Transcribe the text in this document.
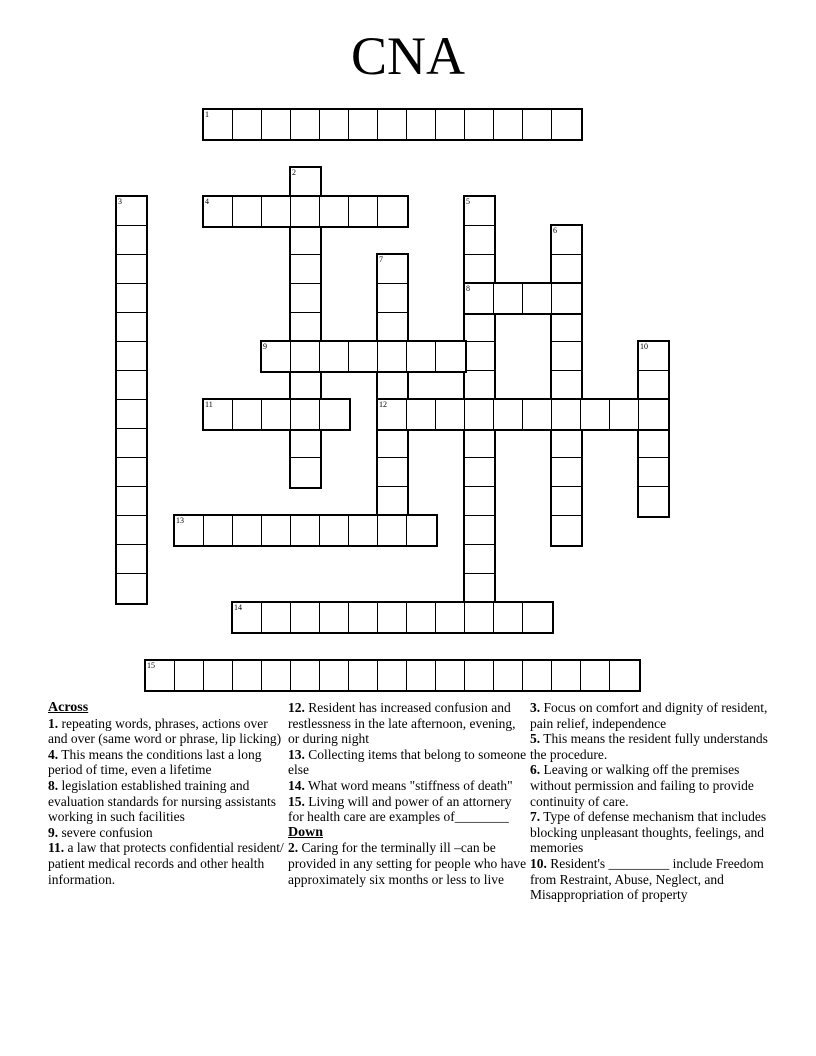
CNA
1
2
3	4	5
6
7
8
9	10
11	12
13
14
15
Across
1. repeating words, phrases, actions over and over (same word or phrase, lip licking)
4. This means the conditions last a long period of time, even a lifetime
8. legislation established training and evaluation standards for nursing assistants working in such facilities
9. severe confusion
11. a law that protects confidential resident/ patient medical records and other health information.
12. Resident has increased confusion and restlessness in the late afternoon, evening, or during night
13. Collecting items that belong to someone else
14. What word means "stiffness of death"
15. Living will and power of an attornery for health care are examples of________
Down
2. Caring for the terminally ill –can be provided in any setting for people who have approximately six months or less to live
3. Focus on comfort and dignity of resident, pain relief, independence
5. This means the resident fully understands the procedure.
6. Leaving or walking off the premises without permission and failing to provide continuity of care.
7. Type of defense mechanism that includes blocking unpleasant thoughts, feelings, and memories
10. Resident's _________ include Freedom from Restraint, Abuse, Neglect, and Misappropriation of property
